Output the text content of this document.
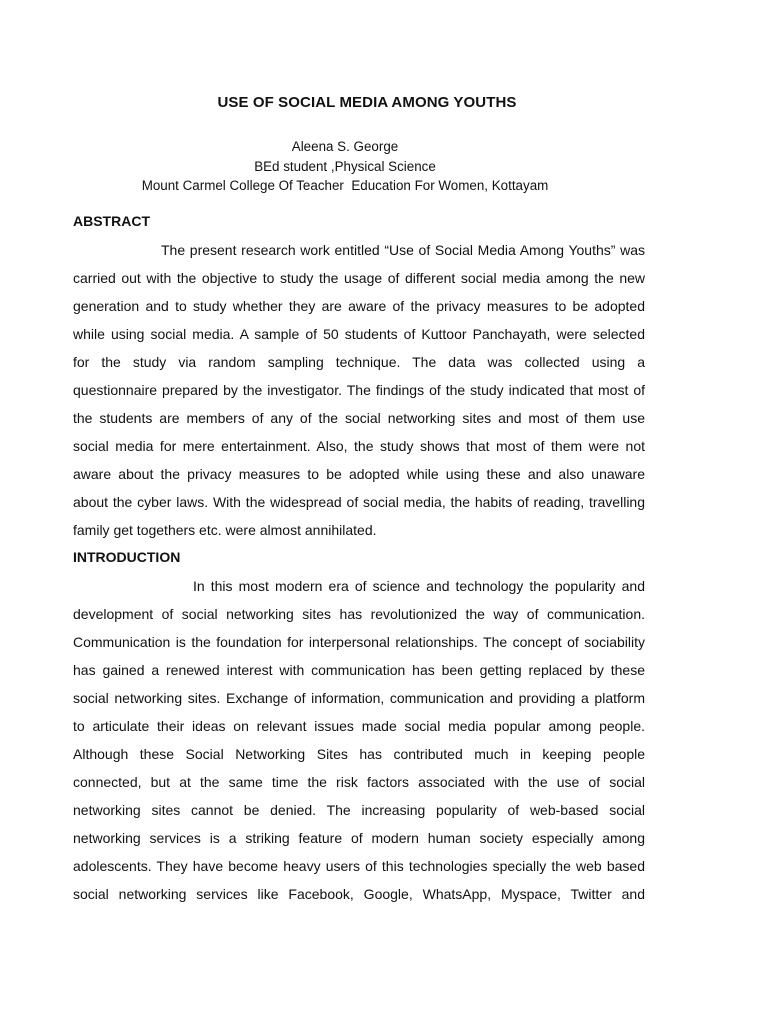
USE OF SOCIAL MEDIA AMONG YOUTHS
Aleena S. George
BEd student ,Physical Science
Mount Carmel College Of Teacher  Education For Women, Kottayam
ABSTRACT
The present research work entitled “Use of Social Media Among Youths” was
carried out with the objective to study the usage of different social media among the new
generation and to study whether they are aware of the privacy measures to be adopted
while using social media. A sample of 50 students of Kuttoor Panchayath, were selected
for the study via random sampling technique. The data was collected using a
questionnaire prepared by the investigator. The findings of the study indicated that most of
the students are members of any of the social networking sites and most of them use
social media for mere entertainment. Also, the study shows that most of them were not
aware about the privacy measures to be adopted while using these and also unaware
about the cyber laws. With the widespread of social media, the habits of reading, travelling
family get togethers etc. were almost annihilated.
INTRODUCTION
In this most modern era of science and technology the popularity and
development of social networking sites has revolutionized the way of communication.
Communication is the foundation for interpersonal relationships. The concept of sociability
has gained a renewed interest with communication has been getting replaced by these
social networking sites. Exchange of information, communication and providing a platform
to articulate their ideas on relevant issues made social media popular among people.
Although these Social Networking Sites has contributed much in keeping people
connected, but at the same time the risk factors associated with the use of social
networking sites cannot be denied. The increasing popularity of web-based social
networking services is a striking feature of modern human society especially among
adolescents. They have become heavy users of this technologies specially the web based
social networking services like Facebook, Google, WhatsApp, Myspace, Twitter and
